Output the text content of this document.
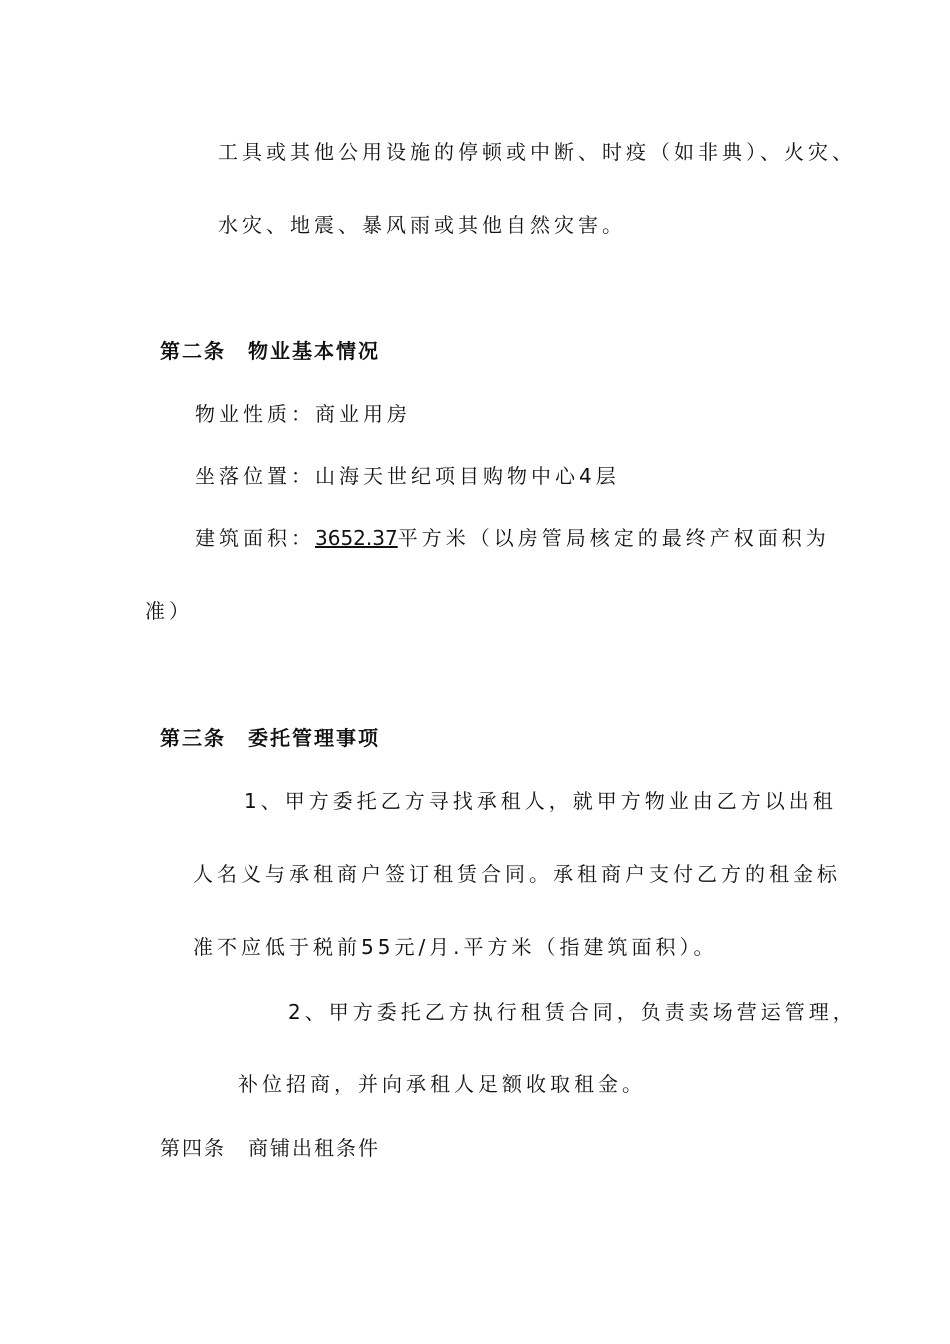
工具或其他公用设施的停顿或中断、时疫（如非典）、火灾、

水灾、地震、暴风雨或其他自然灾害。

第二条 物业基本情况

物业性质：商业用房

坐落位置：山海天世纪项目购物中心4层

建筑面积：3652.37平方米（以房管局核定的最终产权面积为

准）

第三条 委托管理事项

1、甲方委托乙方寻找承租人，就甲方物业由乙方以出租

人名义与承租商户签订租赁合同。承租商户支付乙方的租金标

准不应低于税前55元/月.平方米（指建筑面积）。

2、甲方委托乙方执行租赁合同，负责卖场营运管理，

补位招商，并向承租人足额收取租金。

第四条 商铺出租条件
